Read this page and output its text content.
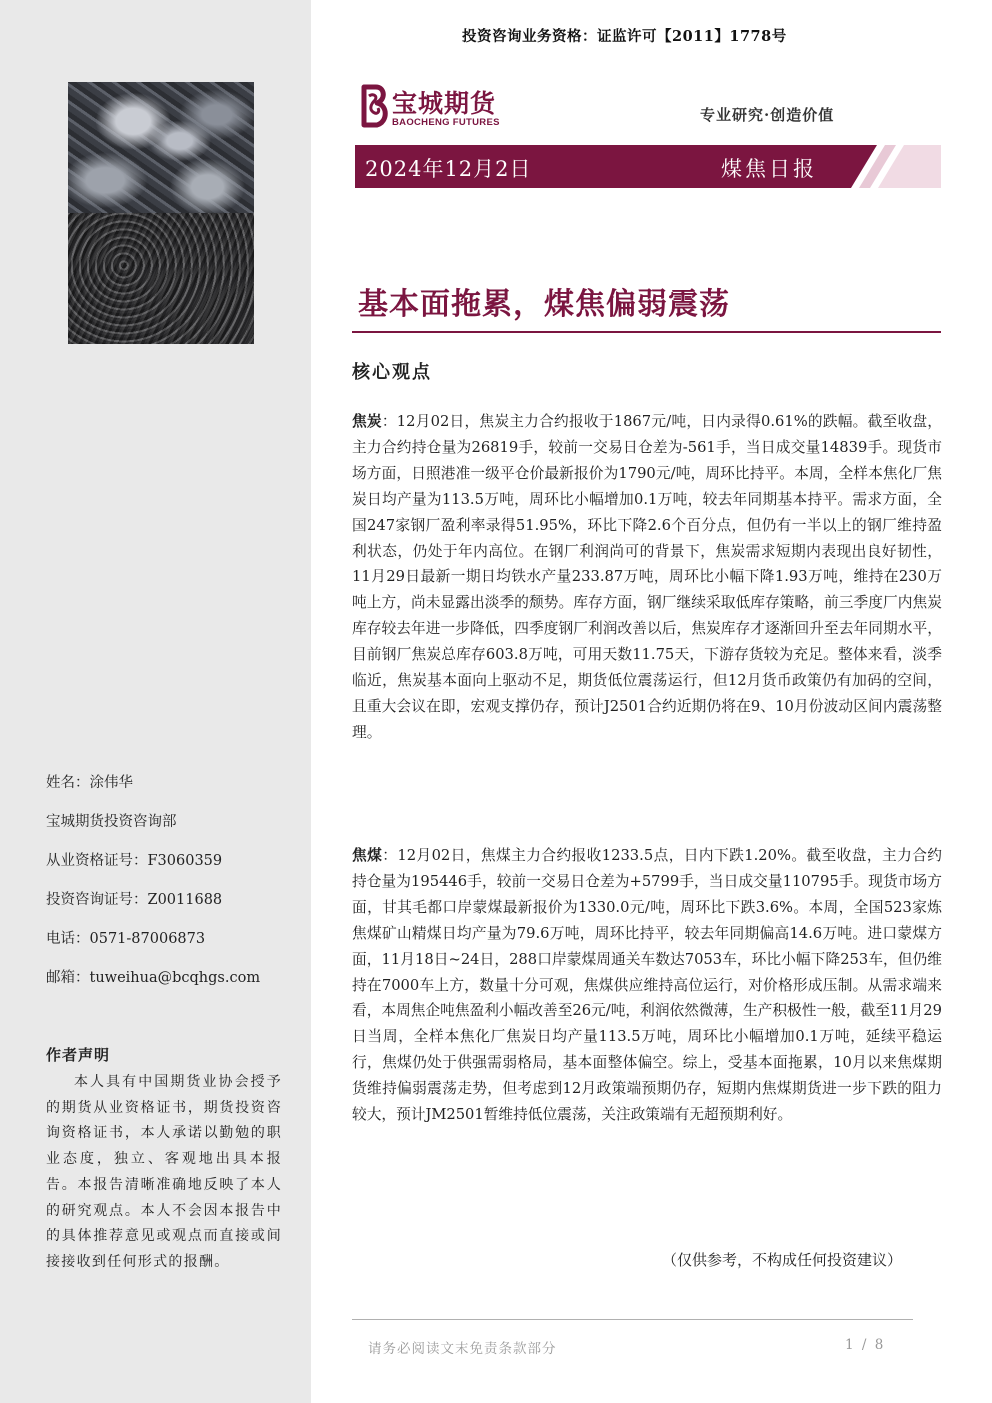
姓名：涂伟华
宝城期货投资咨询部
从业资格证号：F3060359
投资咨询证号：Z0011688
电话：0571-87006873
邮箱：tuweihua@bcqhgs.com
作者声明
本人具有中国期货业协会授予的期货从业资格证书，期货投资咨询资格证书，本人承诺以勤勉的职业态度，独立、客观地出具本报告。本报告清晰准确地反映了本人的研究观点。本人不会因本报告中的具体推荐意见或观点而直接或间接接收到任何形式的报酬。
投资咨询业务资格：证监许可【2011】1778号
宝城期货
BAOCHENG FUTURES	专业研究·创造价值
2024年12月2日	煤焦日报
基本面拖累，煤焦偏弱震荡
核心观点
焦炭：12月02日，焦炭主力合约报收于1867元/吨，日内录得0.61%的跌幅。截至收盘，主力合约持仓量为26819手，较前一交易日仓差为-561手，当日成交量14839手。现货市场方面，日照港准一级平仓价最新报价为1790元/吨，周环比持平。本周，全样本焦化厂焦炭日均产量为113.5万吨，周环比小幅增加0.1万吨，较去年同期基本持平。需求方面，全国247家钢厂盈利率录得51.95%，环比下降2.6个百分点，但仍有一半以上的钢厂维持盈利状态，仍处于年内高位。在钢厂利润尚可的背景下，焦炭需求短期内表现出良好韧性，11月29日最新一期日均铁水产量233.87万吨，周环比小幅下降1.93万吨，维持在230万吨上方，尚未显露出淡季的颓势。库存方面，钢厂继续采取低库存策略，前三季度厂内焦炭库存较去年进一步降低，四季度钢厂利润改善以后，焦炭库存才逐渐回升至去年同期水平，目前钢厂焦炭总库存603.8万吨，可用天数11.75天，下游存货较为充足。整体来看，淡季临近，焦炭基本面向上驱动不足，期货低位震荡运行，但12月货币政策仍有加码的空间，且重大会议在即，宏观支撑仍存，预计J2501合约近期仍将在9、10月份波动区间内震荡整理。
焦煤：12月02日，焦煤主力合约报收1233.5点，日内下跌1.20%。截至收盘，主力合约持仓量为195446手，较前一交易日仓差为+5799手，当日成交量110795手。现货市场方面，甘其毛都口岸蒙煤最新报价为1330.0元/吨，周环比下跌3.6%。本周，全国523家炼焦煤矿山精煤日均产量为79.6万吨，周环比持平，较去年同期偏高14.6万吨。进口蒙煤方面，11月18日~24日，288口岸蒙煤周通关车数达7053车，环比小幅下降253车，但仍维持在7000车上方，数量十分可观，焦煤供应维持高位运行，对价格形成压制。从需求端来看，本周焦企吨焦盈利小幅改善至26元/吨，利润依然微薄，生产积极性一般，截至11月29日当周，全样本焦化厂焦炭日均产量113.5万吨，周环比小幅增加0.1万吨，延续平稳运行，焦煤仍处于供强需弱格局，基本面整体偏空。综上，受基本面拖累，10月以来焦煤期货维持偏弱震荡走势，但考虑到12月政策端预期仍存，短期内焦煤期货进一步下跌的阻力较大，预计JM2501暂维持低位震荡，关注政策端有无超预期利好。
（仅供参考，不构成任何投资建议）
请务必阅读文末免责条款部分	1 / 8
